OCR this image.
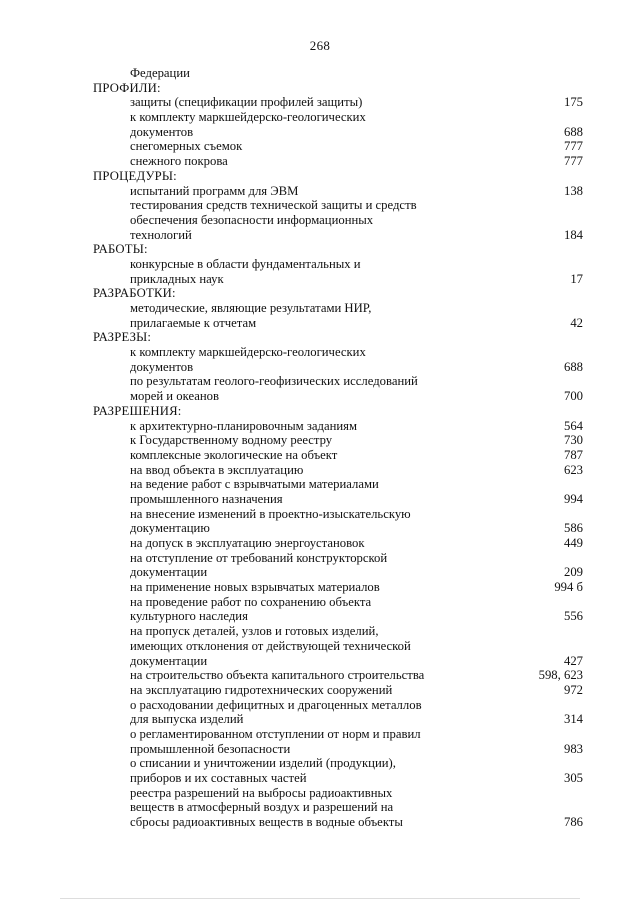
268
Федерации
ПРОФИЛИ:
защиты (спецификации профилей защиты)	175
к комплекту маркшейдерско-геологических
документов	688
снегомерных съемок	777
снежного покрова	777
ПРОЦЕДУРЫ:
испытаний программ для ЭВМ	138
тестирования средств технической защиты и средств
обеспечения безопасности информационных
технологий	184
РАБОТЫ:
конкурсные в области фундаментальных и
прикладных наук	17
РАЗРАБОТКИ:
методические, являющие результатами НИР,
прилагаемые к отчетам	42
РАЗРЕЗЫ:
к комплекту маркшейдерско-геологических
документов	688
по результатам геолого-геофизических исследований
морей и океанов	700
РАЗРЕШЕНИЯ:
к архитектурно-планировочным заданиям	564
к Государственному водному реестру	730
комплексные экологические на объект	787
на ввод объекта в эксплуатацию	623
на ведение работ с взрывчатыми материалами
промышленного назначения	994
на внесение изменений в проектно-изыскательскую
документацию	586
на допуск в эксплуатацию энергоустановок	449
на отступление от требований конструкторской
документации	209
на применение новых взрывчатых материалов	994 б
на проведение работ по сохранению объекта
культурного наследия	556
на пропуск деталей, узлов и готовых изделий,
имеющих отклонения от действующей технической
документации	427
на строительство объекта капитального строительства	598, 623
на эксплуатацию гидротехнических сооружений	972
о расходовании дефицитных и драгоценных металлов
для выпуска изделий	314
о регламентированном отступлении от норм и правил
промышленной безопасности	983
о списании и уничтожении изделий (продукции),
приборов и их составных частей	305
реестра разрешений на выбросы радиоактивных
веществ в атмосферный воздух и разрешений на
сбросы радиоактивных веществ в водные объекты	786
